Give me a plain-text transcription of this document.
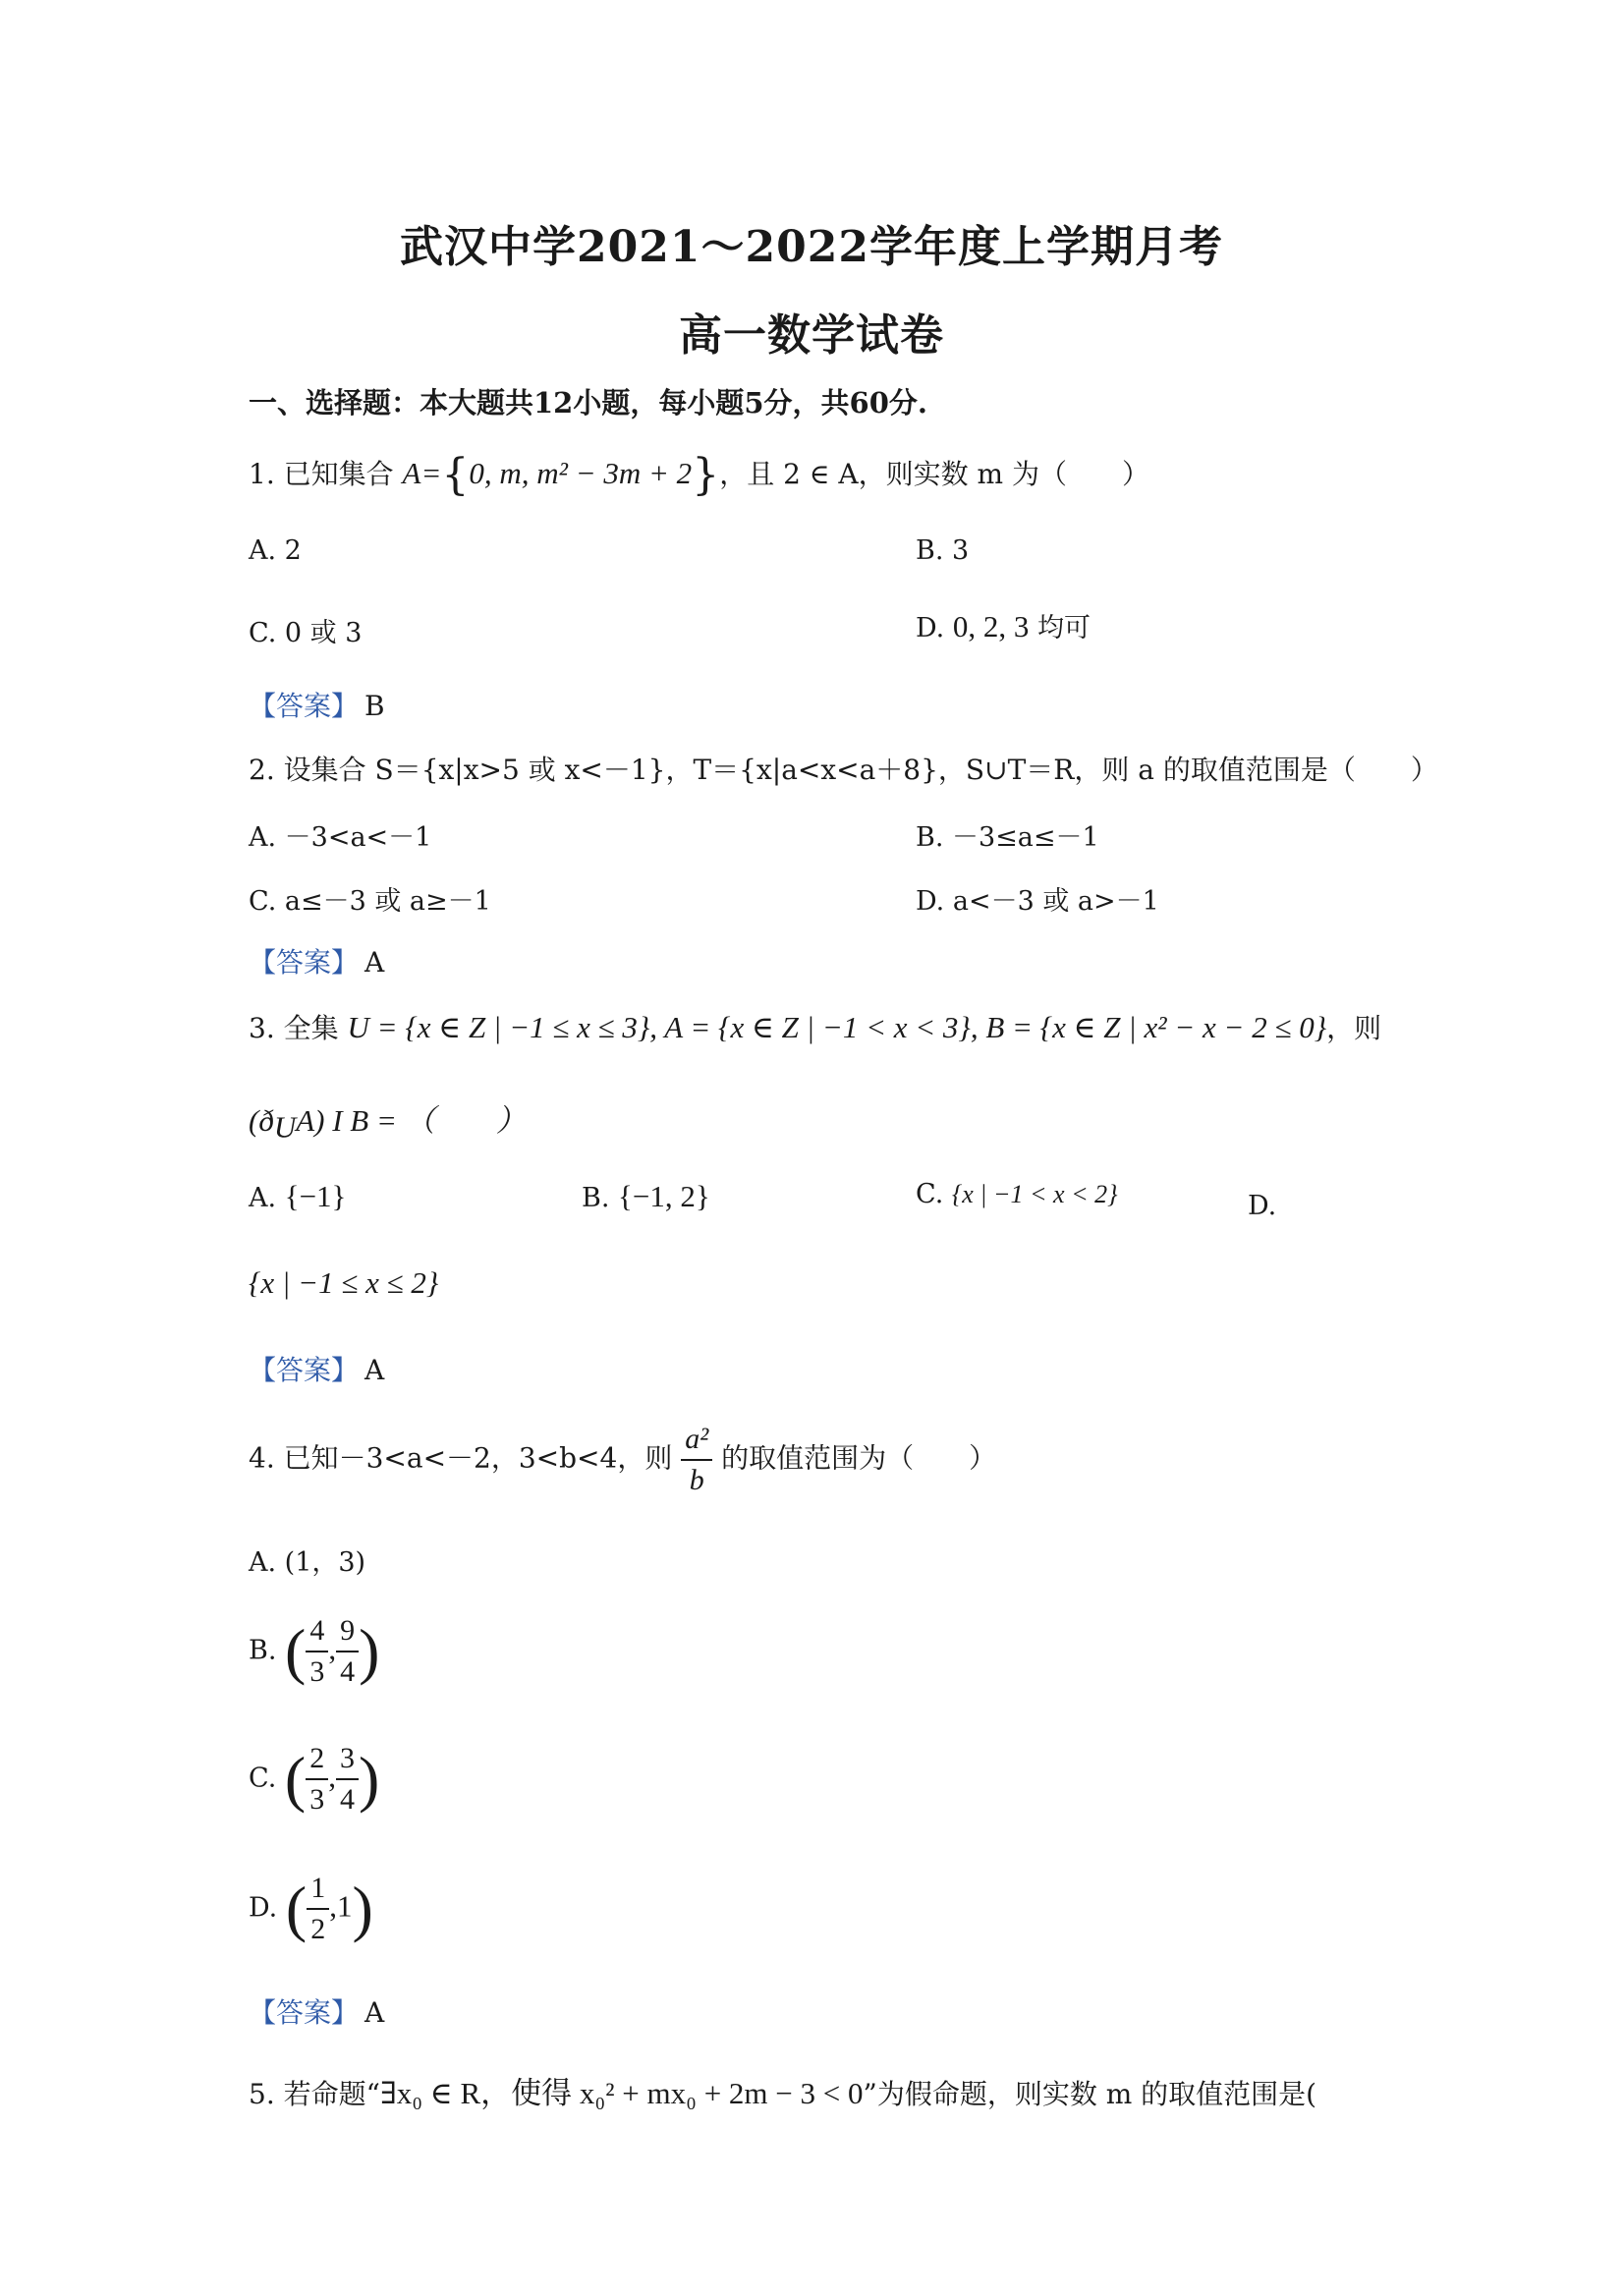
武汉中学2021～2022学年度上学期月考
高一数学试卷
一、选择题：本大题共12小题，每小题5分，共60分.
1. 已知集合 A={0, m, m² − 3m + 2}，且 2 ∈ A，则实数 m 为（　　）
A. 2	B. 3
C. 0 或 3	D. 0, 2, 3 均可
【答案】 B
2. 设集合 S＝{x|x>5 或 x<－1}，T＝{x|a<x<a＋8}，S∪T＝R，则 a 的取值范围是（　　）
A. －3<a<－1	B. －3≤a≤－1
C. a≤－3 或 a≥－1	D. a<－3 或 a>－1
【答案】 A
3. 全集 U = {x ∈ Z | −1 ≤ x ≤ 3}, A = {x ∈ Z | −1 < x < 3}, B = {x ∈ Z | x² − x − 2 ≤ 0}，则
$(ð_UA)$ I B = （　　）
A. {−1}	B. {−1, 2}	C. {x | −1 < x < 2}	D.
{x | −1 ≤ x ≤ 2}
【答案】 A
4. 已知－3<a<－2，3<b<4，则 $\frac{\text{a²}}{b}$ 的取值范围为（　　）
A. (1，3)
B. ( $\frac{4}{3}$ , $\frac{9}{4}$ )
C. ( $\frac{2}{3}$ , $\frac{3}{4}$ )
D. ( $\frac{1}{2} ,1$)
【答案】 A
5. 若命题“∃x₀ ∈ R，使得 x₀² + mx₀ + 2m − 3 < 0”为假命题，则实数 m 的取值范围是(
